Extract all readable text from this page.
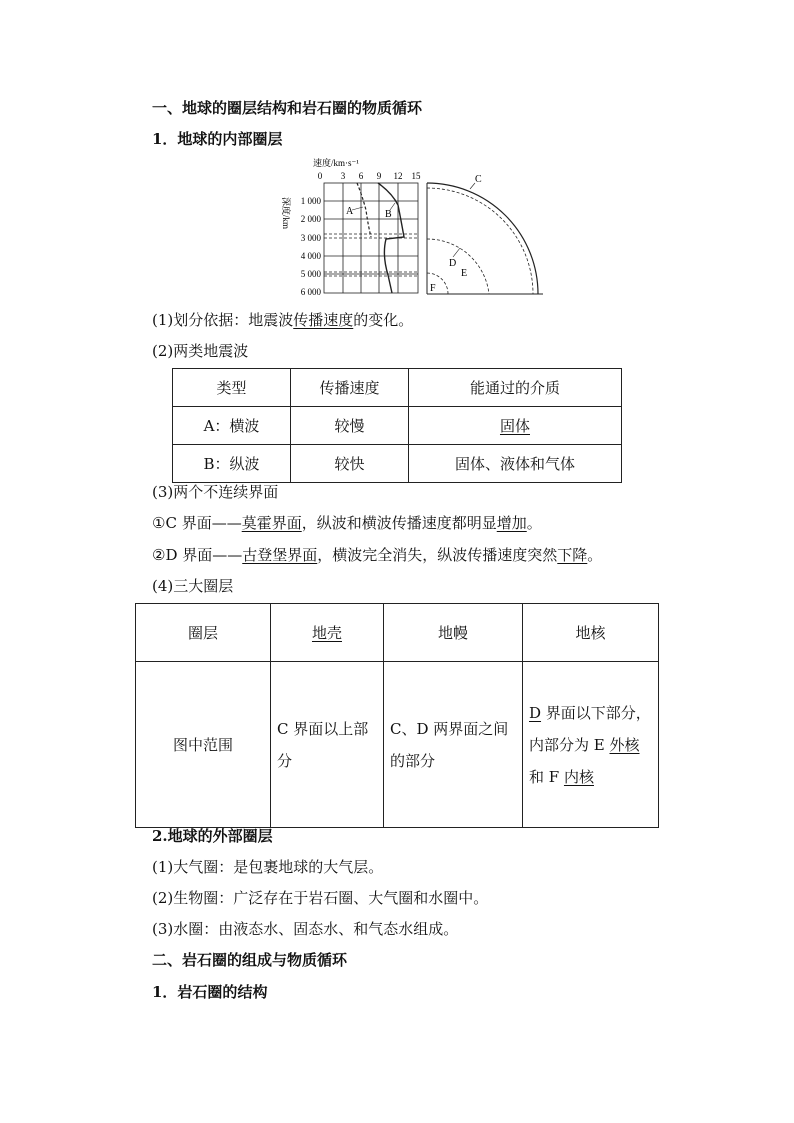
一、地球的圈层结构和岩石圈的物质循环
1．地球的内部圈层
速度/km·s⁻¹
0 3 6 9 12 15
深度/km 1 000
2 000
3 000
4 000
5 000
6 000
A	B
C
D
E
F
(1)划分依据：地震波传播速度的变化。
(2)两类地震波
类型	传播速度	能通过的介质
A：横波	较慢	固体
B：纵波	较快	固体、液体和气体
(3)两个不连续界面
①C 界面——莫霍界面，纵波和横波传播速度都明显增加。
②D 界面——古登堡界面，横波完全消失，纵波传播速度突然下降。
(4)三大圈层
圈层	地壳	地幔	地核
图中范围	C 界面以上部分	C、D 两界面之间的部分	D 界面以下部分，内部分为 E 外核和 F 内核
2.地球的外部圈层
(1)大气圈：是包裹地球的大气层。
(2)生物圈：广泛存在于岩石圈、大气圈和水圈中。
(3)水圈：由液态水、固态水、和气态水组成。
二、岩石圈的组成与物质循环
1．岩石圈的结构
